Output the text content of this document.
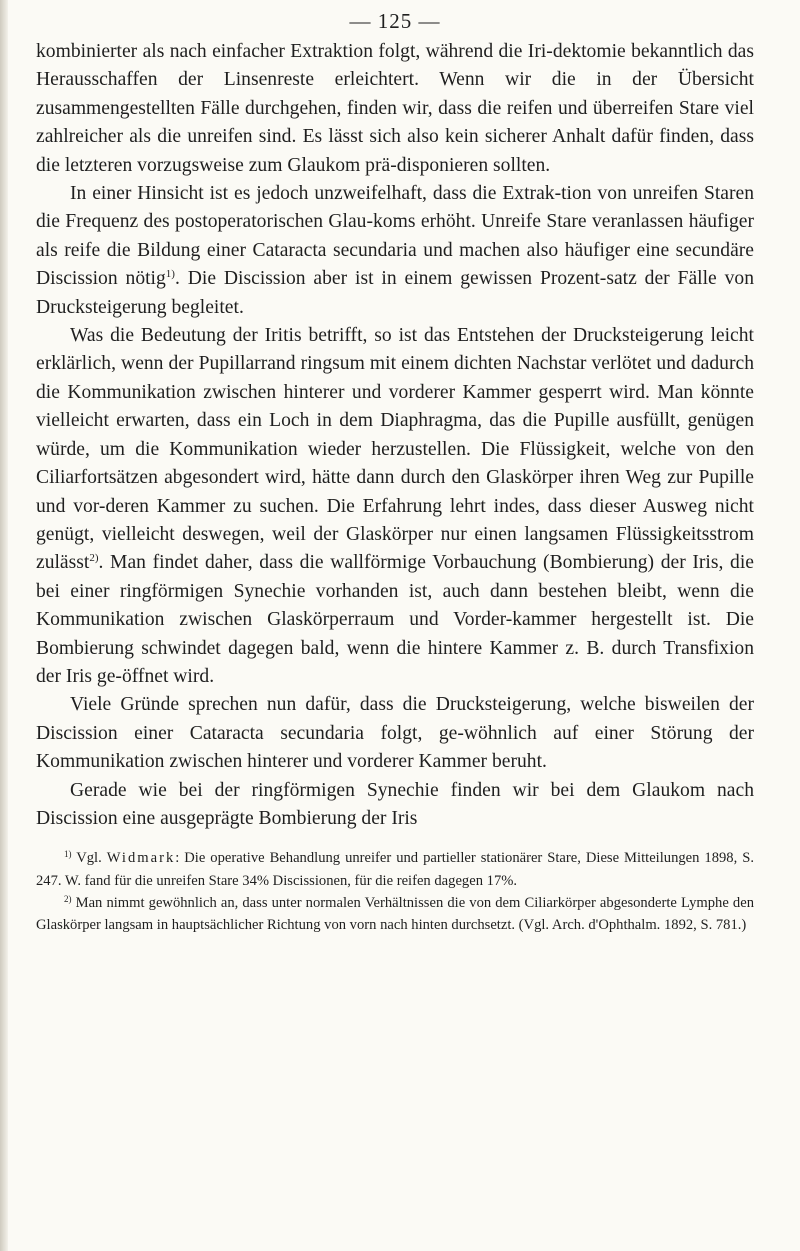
— 125 —

kombinierter als nach einfacher Extraktion folgt, während die Iri-dektomie bekanntlich das Herausschaffen der Linsenreste erleichtert. Wenn wir die in der Übersicht zusammengestellten Fälle durchgehen, finden wir, dass die reifen und überreifen Stare viel zahlreicher als die unreifen sind. Es lässt sich also kein sicherer Anhalt dafür finden, dass die letzteren vorzugsweise zum Glaukom prä-disponieren sollten.

In einer Hinsicht ist es jedoch unzweifelhaft, dass die Extrak-tion von unreifen Staren die Frequenz des postoperatorischen Glau-koms erhöht. Unreife Stare veranlassen häufiger als reife die Bildung einer Cataracta secundaria und machen also häufiger eine secundäre Discission nötig$^{1)}$. Die Discission aber ist in einem gewissen Prozent-satz der Fälle von Drucksteigerung begleitet.

Was die Bedeutung der Iritis betrifft, so ist das Entstehen der Drucksteigerung leicht erklärlich, wenn der Pupillarrand ringsum mit einem dichten Nachstar verlötet und dadurch die Kommunikation zwischen hinterer und vorderer Kammer gesperrt wird. Man könnte vielleicht erwarten, dass ein Loch in dem Diaphragma, das die Pupille ausfüllt, genügen würde, um die Kommunikation wieder herzustellen. Die Flüssigkeit, welche von den Ciliarfortsätzen abgesondert wird, hätte dann durch den Glaskörper ihren Weg zur Pupille und vor-deren Kammer zu suchen. Die Erfahrung lehrt indes, dass dieser Ausweg nicht genügt, vielleicht deswegen, weil der Glaskörper nur einen langsamen Flüssigkeitsstrom zulässt$^{2)}$. Man findet daher, dass die wallförmige Vorbauchung (Bombierung) der Iris, die bei einer ringförmigen Synechie vorhanden ist, auch dann bestehen bleibt, wenn die Kommunikation zwischen Glaskörperraum und Vorder-kammer hergestellt ist. Die Bombierung schwindet dagegen bald, wenn die hintere Kammer z. B. durch Transfixion der Iris ge-öffnet wird.

Viele Gründe sprechen nun dafür, dass die Drucksteigerung, welche bisweilen der Discission einer Cataracta secundaria folgt, ge-wöhnlich auf einer Störung der Kommunikation zwischen hinterer und vorderer Kammer beruht.

Gerade wie bei der ringförmigen Synechie finden wir bei dem Glaukom nach Discission eine ausgeprägte Bombierung der Iris

$^{1)}$ Vgl. Widmark: Die operative Behandlung unreifer und partieller stationärer Stare, Diese Mitteilungen 1898, S. 247. W. fand für die unreifen Stare 34% Discissionen, für die reifen dagegen 17%.

$^{2)}$ Man nimmt gewöhnlich an, dass unter normalen Verhältnissen die von dem Ciliarkörper abgesonderte Lymphe den Glaskörper langsam in hauptsächlicher Richtung von vorn nach hinten durchsetzt. (Vgl. Arch. d'Ophthalm. 1892, S. 781.)
